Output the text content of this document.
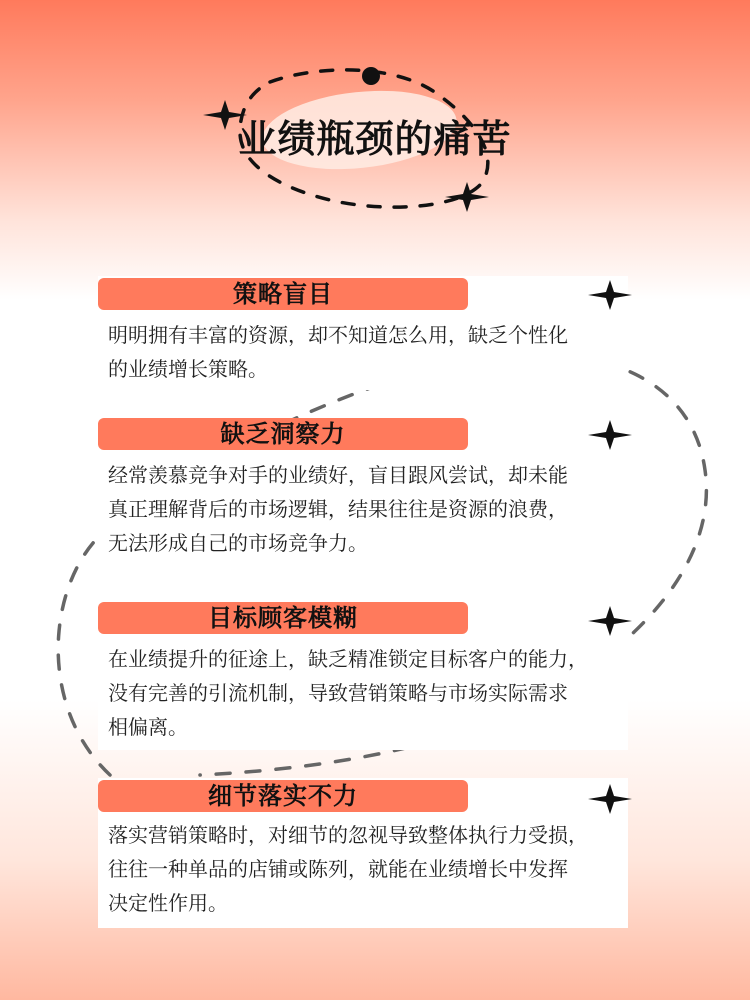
业绩瓶颈的痛苦
策略盲目
明明拥有丰富的资源，却不知道怎么用，缺乏个性化
的业绩增长策略。
缺乏洞察力
经常羡慕竞争对手的业绩好，盲目跟风尝试，却未能
真正理解背后的市场逻辑，结果往往是资源的浪费，
无法形成自己的市场竞争力。
目标顾客模糊
在业绩提升的征途上，缺乏精准锁定目标客户的能力，
没有完善的引流机制，导致营销策略与市场实际需求
相偏离。
细节落实不力
落实营销策略时，对细节的忽视导致整体执行力受损，
往往一种单品的店铺或陈列，就能在业绩增长中发挥
决定性作用。
